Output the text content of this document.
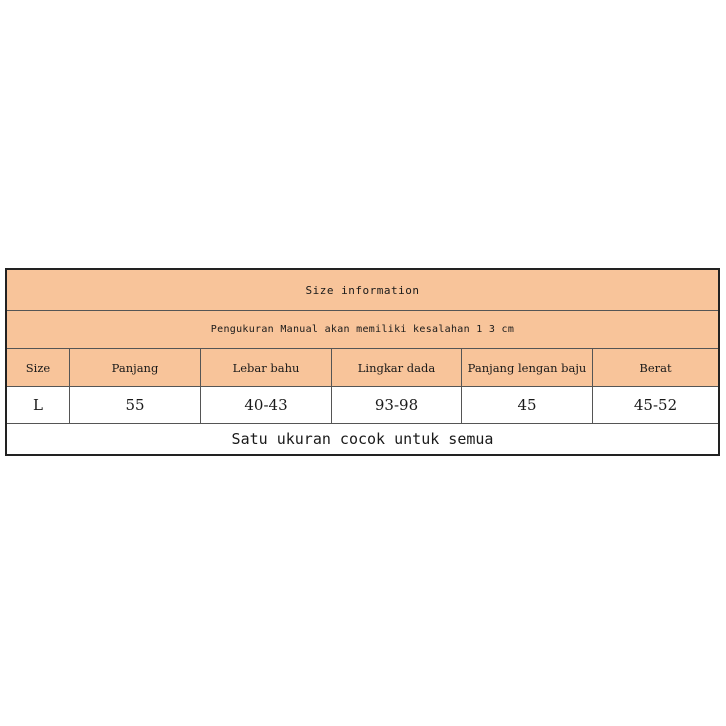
Size information
Pengukuran Manual akan memiliki kesalahan 1 3 cm
Size	Panjang	Lebar bahu	Lingkar dada	Panjang lengan baju	Berat
L	55	40-43	93-98	45	45-52
Satu ukuran cocok untuk semua
